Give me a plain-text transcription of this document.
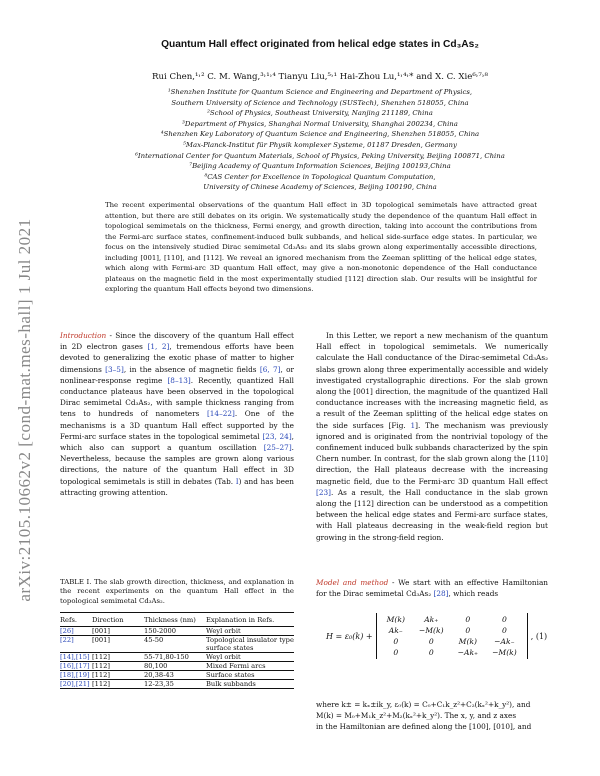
arXiv:2105.10662v2 [cond-mat.mes-hall] 1 Jul 2021
Quantum Hall effect originated from helical edge states in Cd₃As₂
Rui Chen,¹˒² C. M. Wang,³˒¹˒⁴ Tianyu Liu,⁵˒¹ Hai-Zhou Lu,¹˒⁴˒* and X. C. Xie⁶˒⁷˒⁸
¹Shenzhen Institute for Quantum Science and Engineering and Department of Physics,
Southern University of Science and Technology (SUSTech), Shenzhen 518055, China
²School of Physics, Southeast University, Nanjing 211189, China
³Department of Physics, Shanghai Normal University, Shanghai 200234, China
⁴Shenzhen Key Laboratory of Quantum Science and Engineering, Shenzhen 518055, China
⁵Max-Planck-Institut für Physik komplexer Systeme, 01187 Dresden, Germany
⁶International Center for Quantum Materials, School of Physics, Peking University, Beijing 100871, China
⁷Beijing Academy of Quantum Information Sciences, Beijing 100193,China
⁸CAS Center for Excellence in Topological Quantum Computation,
University of Chinese Academy of Sciences, Beijing 100190, China
The recent experimental observations of the quantum Hall effect in 3D topological semimetals have attracted great attention, but there are still debates on its origin. We systematically study the dependence of the quantum Hall effect in topological semimetals on the thickness, Fermi energy, and growth direction, taking into account the contributions from the Fermi-arc surface states, confinement-induced bulk subbands, and helical side-surface edge states. In particular, we focus on the intensively studied Dirac semimetal Cd₃As₂ and its slabs grown along experimentally accessible directions, including [001], [110], and [112]. We reveal an ignored mechanism from the Zeeman splitting of the helical edge states, which along with Fermi-arc 3D quantum Hall effect, may give a non-monotonic dependence of the Hall conductance plateaus on the magnetic field in the most experimentally studied [112] direction slab. Our results will be insightful for exploring the quantum Hall effects beyond two dimensions.
Introduction - Since the discovery of the quantum Hall effect in 2D electron gases [1, 2], tremendous efforts have been devoted to generalizing the exotic phase of matter to higher dimensions [3–5], in the absence of magnetic fields [6, 7], or nonlinear-response regime [8–13]. Recently, quantized Hall conductance plateaus have been observed in the topological Dirac semimetal Cd₃As₂, with sample thickness ranging from tens to hundreds of nanometers [14–22]. One of the mechanisms is a 3D quantum Hall effect supported by the Fermi-arc surface states in the topological semimetal [23, 24], which also can support a quantum oscillation [25–27]. Nevertheless, because the samples are grown along various directions, the nature of the quantum Hall effect in 3D topological semimetals is still in debates (Tab. I) and has been attracting growing attention.
TABLE I. The slab growth direction, thickness, and explanation in the recent experiments on the quantum Hall effect in the topological semimetal Cd₃As₂.

Refs.	Direction	Thickness (nm)	Explanation in Refs.

[26]	[001]	150-2000	Weyl orbit
[22]	[001]	45-50	Topological insulator type surface states
[14],[15]	[112]	55-71,80-150	Weyl orbit
[16],[17]	[112]	80,100	Mixed Fermi arcs
[18],[19]	[112]	20,38-43	Surface states
[20],[21]	[112]	12-23,35	Bulk subbands
In this Letter, we report a new mechanism of the quantum Hall effect in topological semimetals. We numerically calculate the Hall conductance of the Dirac-semimetal Cd₃As₂ slabs grown along three experimentally accessible and widely investigated crystallographic directions. For the slab grown along the [001] direction, the magnitude of the quantized Hall conductance increases with the increasing magnetic field, as a result of the Zeeman splitting of the helical edge states on the side surfaces [Fig. 1]. The mechanism was previously ignored and is originated from the nontrivial topology of the confinement induced bulk subbands characterized by the spin Chern number. In contrast, for the slab grown along the [110] direction, the Hall plateaus decrease with the increasing magnetic field, due to the Fermi-arc 3D quantum Hall effect [23]. As a result, the Hall conductance in the slab grown along the [112] direction can be understood as a competition between the helical edge states and Fermi-arc surface states, with Hall plateaus decreasing in the weak-field region but growing in the strong-field region.
Model and method - We start with an effective Hamiltonian for the Dirac semimetal Cd₃As₂ [28], which reads
H = ε₀(k) +
M(k)	Ak₊	0	0
Ak₋	−M(k)	0	0
0	0	M(k)	−Ak₋
0	0	−Ak₊	−M(k)
, (1)
where k± = kₓ±ik_y, ε₀(k) = C₀+C₁k_z²+C₂(kₓ²+k_y²), and
M(k) = M₀+M₁k_z²+M₂(kₓ²+k_y²). The x, y, and z axes
in the Hamiltonian are defined along the [100], [010], and
